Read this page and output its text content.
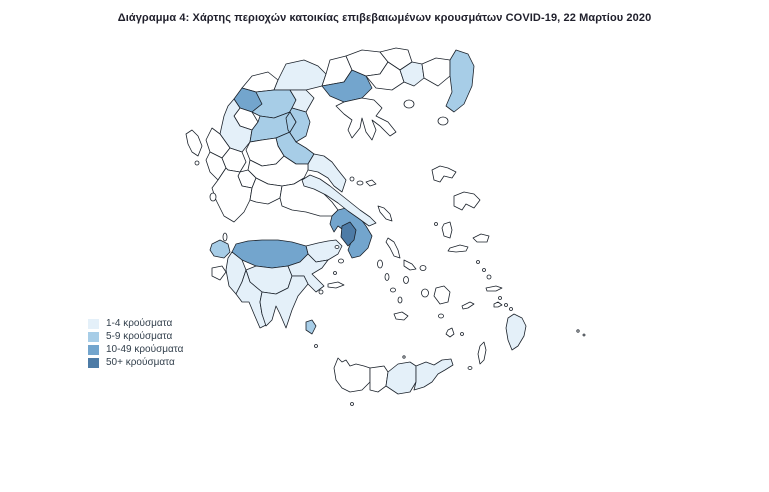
Διάγραμμα 4: Χάρτης περιοχών κατοικίας επιβεβαιωμένων κρουσμάτων COVID-19, 22 Μαρτίου 2020
1-4 κρούσματα
5-9 κρούσματα
10-49 κρούσματα
50+ κρούσματα
